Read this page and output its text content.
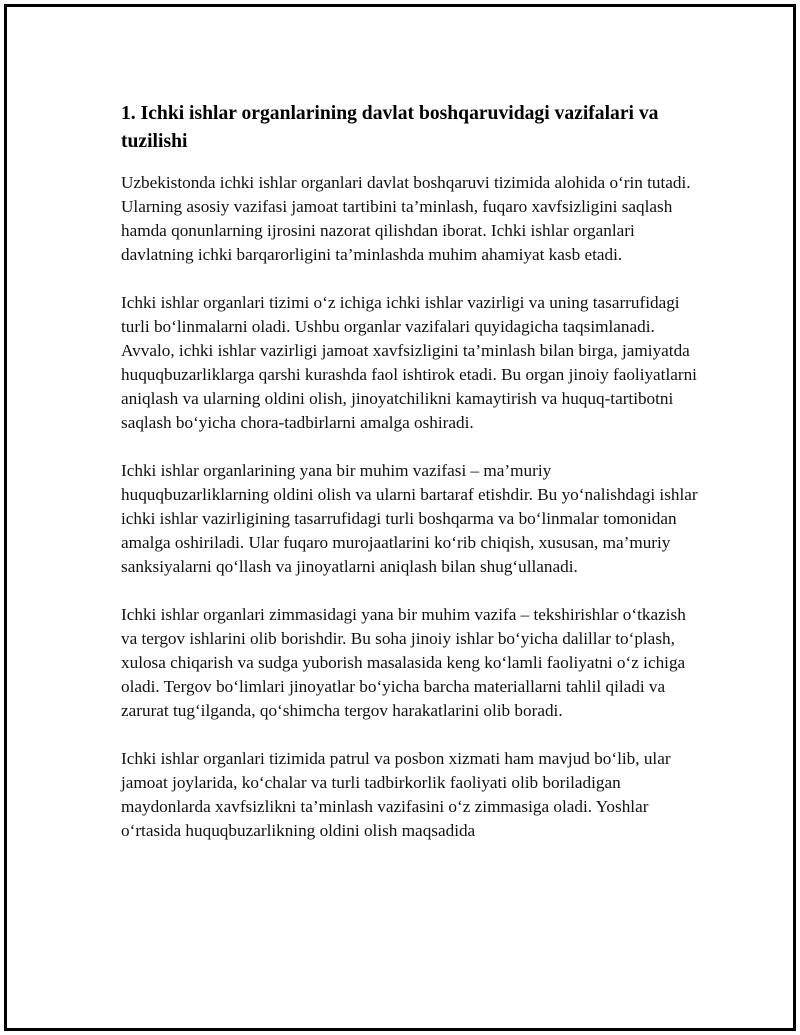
1. Ichki ishlar organlarining davlat boshqaruvidagi vazifalari va tuzilishi

Uzbekistonda ichki ishlar organlari davlat boshqaruvi tizimida alohida o‘rin tutadi. Ularning asosiy vazifasi jamoat tartibini ta’minlash, fuqaro xavfsizligini saqlash hamda qonunlarning ijrosini nazorat qilishdan iborat. Ichki ishlar organlari davlatning ichki barqarorligini ta’minlashda muhim ahamiyat kasb etadi.

Ichki ishlar organlari tizimi o‘z ichiga ichki ishlar vazirligi va uning tasarrufidagi turli bo‘linmalarni oladi. Ushbu organlar vazifalari quyidagicha taqsimlanadi. Avvalo, ichki ishlar vazirligi jamoat xavfsizligini ta’minlash bilan birga, jamiyatda huquqbuzarliklarga qarshi kurashda faol ishtirok etadi. Bu organ jinoiy faoliyatlarni aniqlash va ularning oldini olish, jinoyatchilikni kamaytirish va huquq-tartibotni saqlash bo‘yicha chora-tadbirlarni amalga oshiradi.

Ichki ishlar organlarining yana bir muhim vazifasi – ma’muriy huquqbuzarliklarning oldini olish va ularni bartaraf etishdir. Bu yo‘nalishdagi ishlar ichki ishlar vazirligining tasarrufidagi turli boshqarma va bo‘linmalar tomonidan amalga oshiriladi. Ular fuqaro murojaatlarini ko‘rib chiqish, xususan, ma’muriy sanksiyalarni qo‘llash va jinoyatlarni aniqlash bilan shug‘ullanadi.

Ichki ishlar organlari zimmasidagi yana bir muhim vazifa – tekshirishlar o‘tkazish va tergov ishlarini olib borishdir. Bu soha jinoiy ishlar bo‘yicha dalillar to‘plash, xulosa chiqarish va sudga yuborish masalasida keng ko‘lamli faoliyatni o‘z ichiga oladi. Tergov bo‘limlari jinoyatlar bo‘yicha barcha materiallarni tahlil qiladi va zarurat tug‘ilganda, qo‘shimcha tergov harakatlarini olib boradi.

Ichki ishlar organlari tizimida patrul va posbon xizmati ham mavjud bo‘lib, ular jamoat joylarida, ko‘chalar va turli tadbirkorlik faoliyati olib boriladigan maydonlarda xavfsizlikni ta’minlash vazifasini o‘z zimmasiga oladi. Yoshlar o‘rtasida huquqbuzarlikning oldini olish maqsadida
